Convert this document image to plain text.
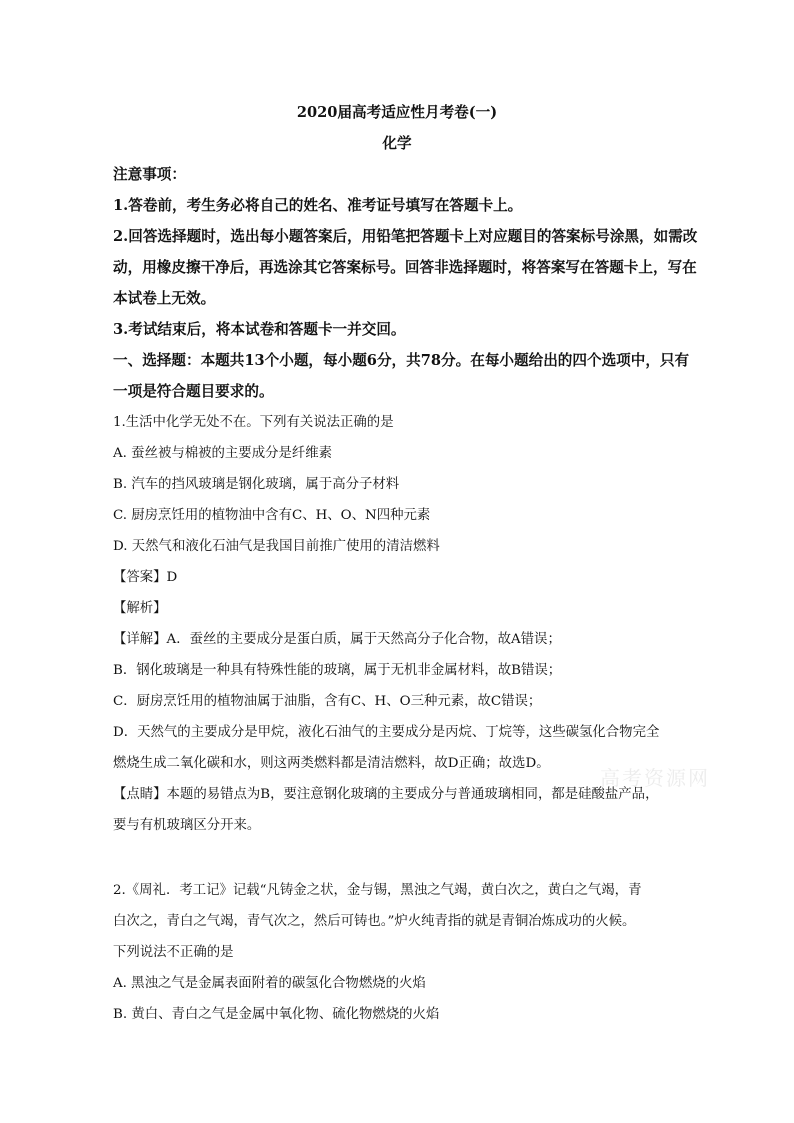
高考资源网
2020届高考适应性月考卷(一)
化学
注意事项：
1.答卷前，考生务必将自己的姓名、准考证号填写在答题卡上。
2.回答选择题时，选出每小题答案后，用铅笔把答题卡上对应题目的答案标号涂黑，如需改
动，用橡皮擦干净后，再选涂其它答案标号。回答非选择题时，将答案写在答题卡上，写在
本试卷上无效。
3.考试结束后，将本试卷和答题卡一并交回。
一、选择题：本题共13个小题，每小题6分，共78分。在每小题给出的四个选项中，只有
一项是符合题目要求的。
1.生活中化学无处不在。下列有关说法正确的是
A. 蚕丝被与棉被的主要成分是纤维素
B. 汽车的挡风玻璃是钢化玻璃，属于高分子材料
C. 厨房烹饪用的植物油中含有C、H、O、N四种元素
D. 天然气和液化石油气是我国目前推广使用的清洁燃料
【答案】D
【解析】
【详解】A．蚕丝的主要成分是蛋白质，属于天然高分子化合物，故A错误；
B．钢化玻璃是一种具有特殊性能的玻璃，属于无机非金属材料，故B错误；
C．厨房烹饪用的植物油属于油脂，含有C、H、O三种元素，故C错误；
D．天然气的主要成分是甲烷，液化石油气的主要成分是丙烷、丁烷等，这些碳氢化合物完全
燃烧生成二氧化碳和水，则这两类燃料都是清洁燃料，故D正确；故选D。
【点睛】本题的易错点为B，要注意钢化玻璃的主要成分与普通玻璃相同，都是硅酸盐产品，
要与有机玻璃区分开来。
2.《周礼．考工记》记载“凡铸金之状，金与锡，黑浊之气竭，黄白次之，黄白之气竭，青
白次之，青白之气竭，青气次之，然后可铸也。”炉火纯青指的就是青铜冶炼成功的火候。
下列说法不正确的是
A. 黑浊之气是金属表面附着的碳氢化合物燃烧的火焰
B. 黄白、青白之气是金属中氧化物、硫化物燃烧的火焰
